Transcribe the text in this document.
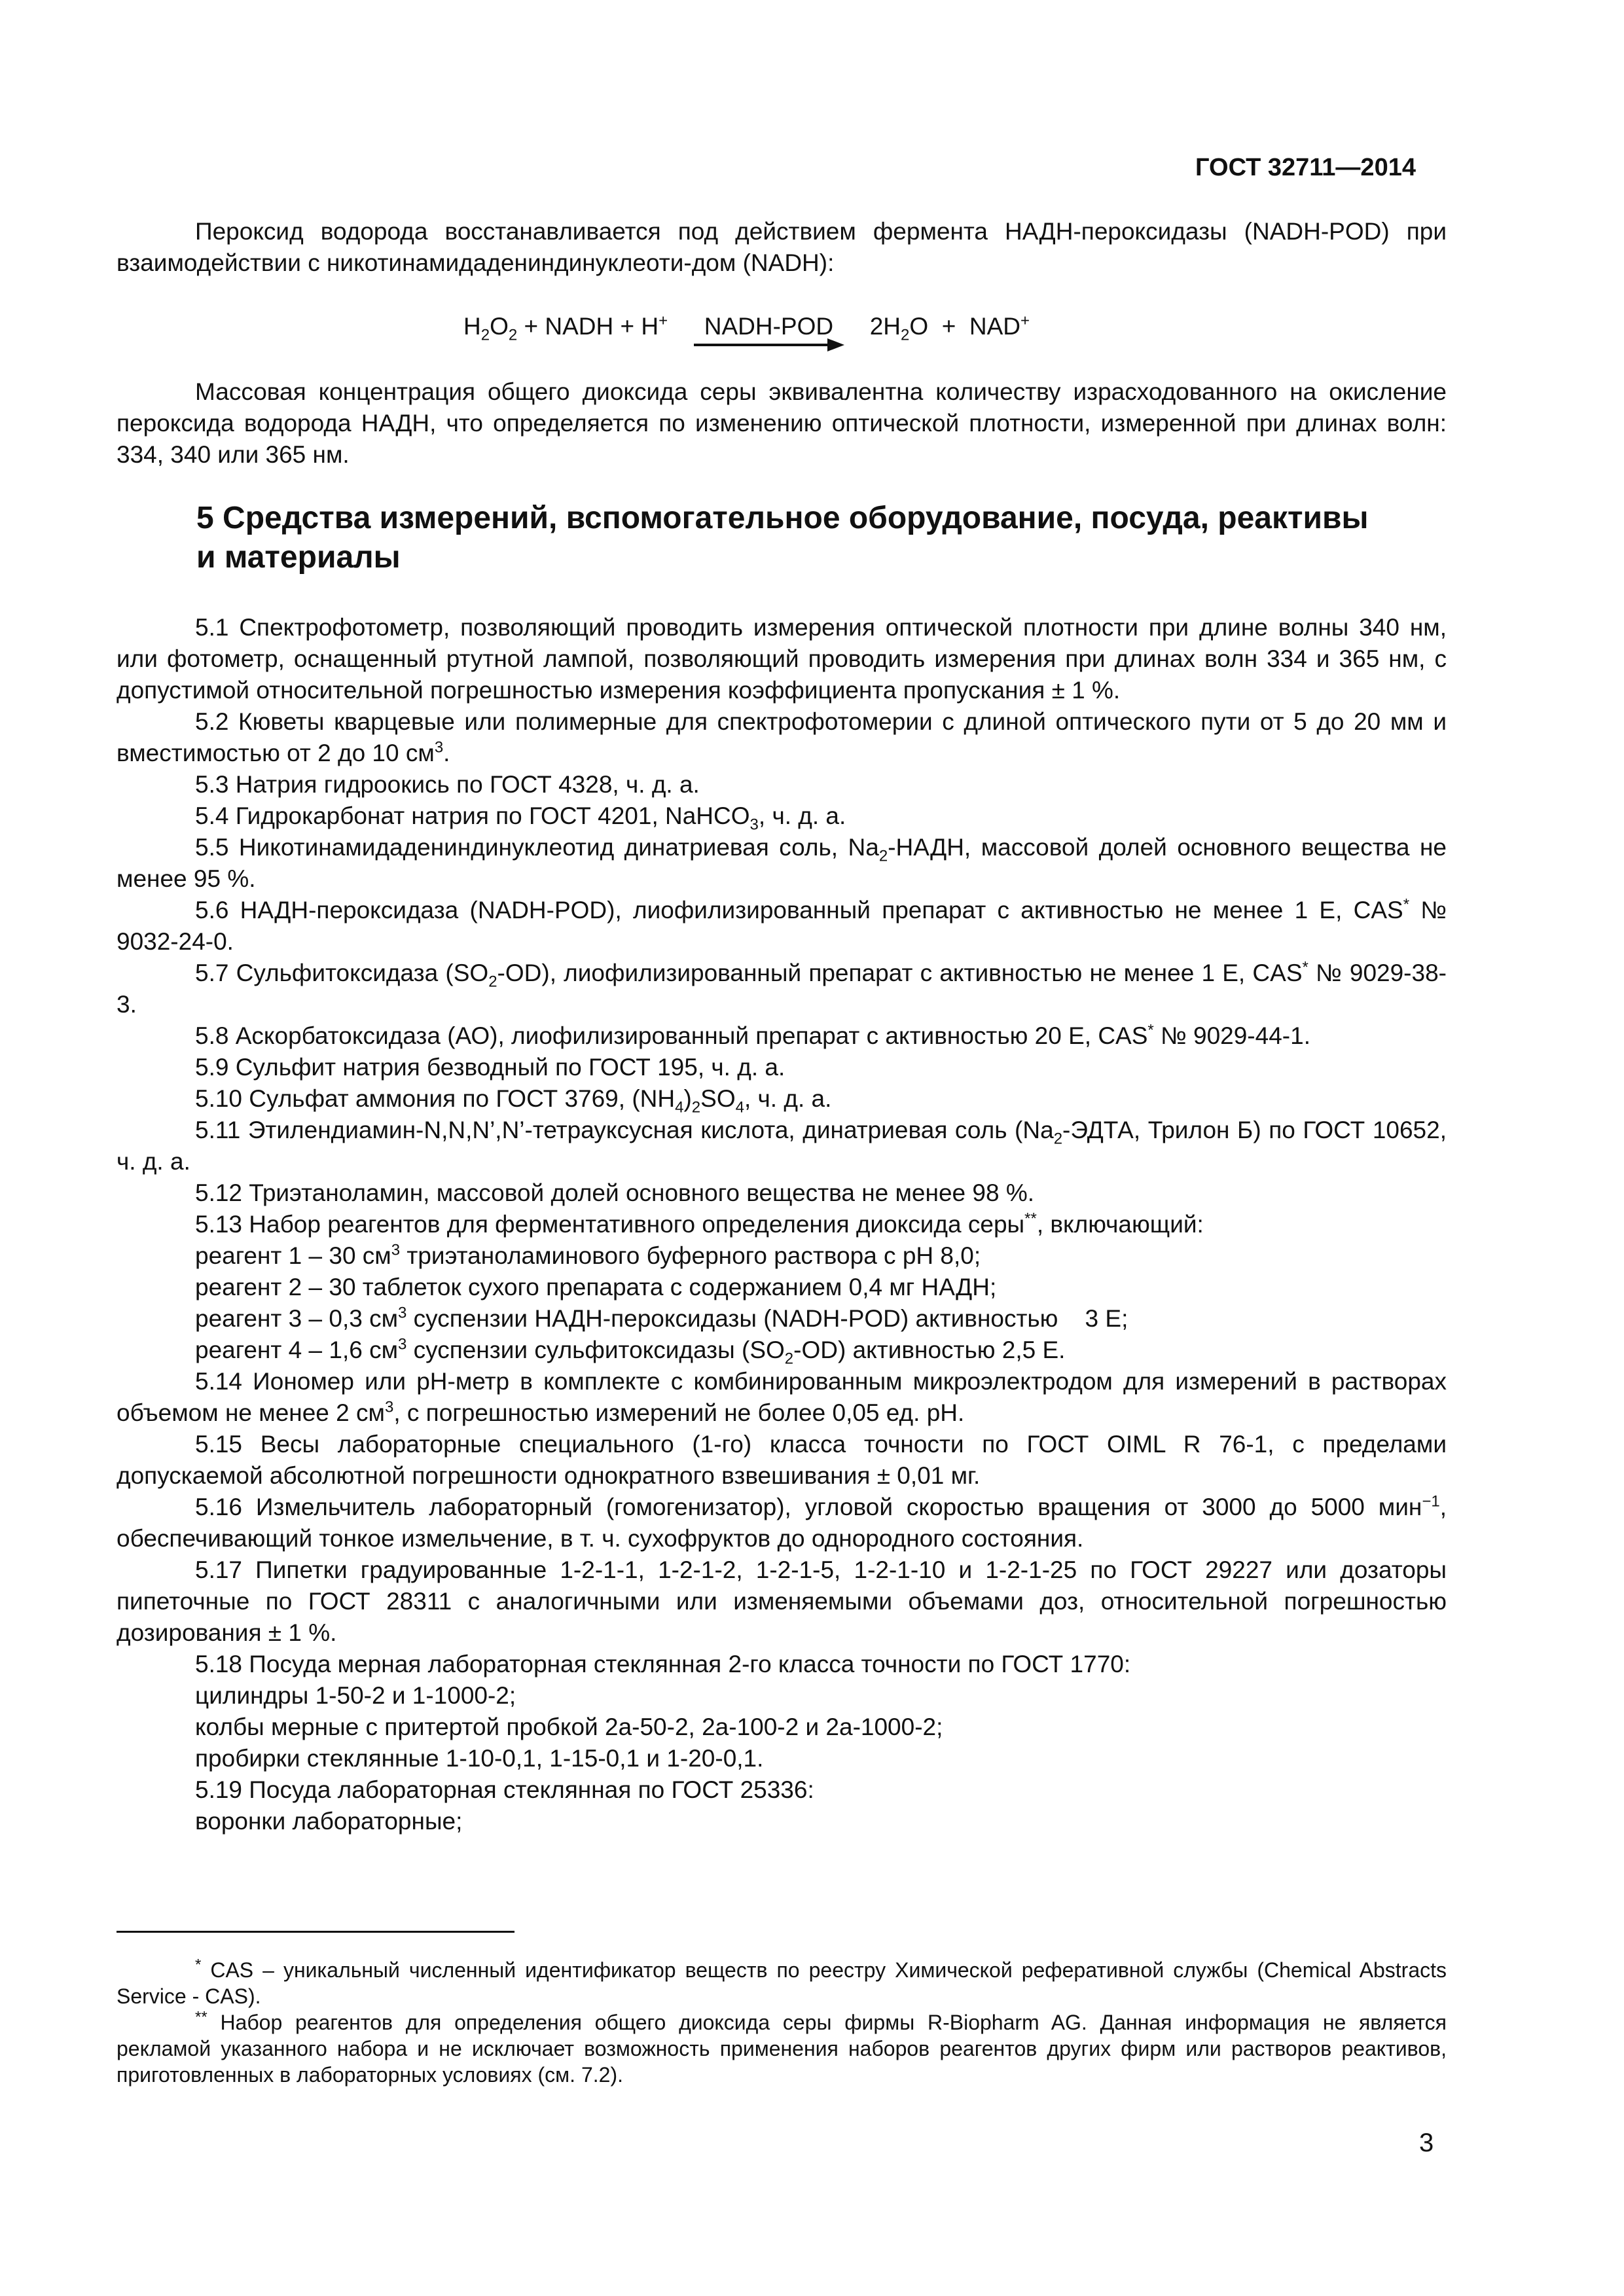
ГОСТ 32711—2014

Пероксид водорода восстанавливается под действием фермента НАДН-пероксидазы (NADH-POD) при взаимодействии с никотинамидадениндинуклеоти-дом (NADH):

$H_2O_2$ + NADH + H+ NADH-POD $2H_2O + NAD^+$

Массовая концентрация общего диоксида серы эквивалентна количеству израсходованного на окисление пероксида водорода НАДН, что определяется по изменению оптической плотности, измеренной при длинах волн: 334, 340 или 365 нм.

5 Средства измерений, вспомогательное оборудование, посуда, реактивы
и материалы

5.1 Спектрофотометр, позволяющий проводить измерения оптической плотности при длине волны 340 нм, или фотометр, оснащенный ртутной лампой, позволяющий проводить измерения при длинах волн 334 и 365 нм, с допустимой относительной погрешностью измерения коэффициента пропускания ± 1 %.

5.2 Кюветы кварцевые или полимерные для спектрофотомерии с длиной оптического пути от 5 до 20 мм и вместимостью от 2 до 10 $см^3$.

5.3 Натрия гидроокись по ГОСТ 4328, ч. д. а.

5.4 Гидрокарбонат натрия по ГОСТ 4201, NaHCO$_3$, ч. д. а.

5.5 Никотинамидадениндинуклеотид динатриевая соль, $Na_2$-НАДН, массовой долей основного вещества не менее 95 %.

5.6 НАДН-пероксидаза (NADH-POD), лиофилизированный препарат с активностью не менее 1 Е, CAS* № 9032-24-0.

5.7 Сульфитоксидаза $(SO_2-OD)$, лиофилизированный препарат с активностью не менее 1 Е, CAS* № 9029-38-3.

5.8 Аскорбатоксидаза (АО), лиофилизированный препарат с активностью 20 Е, CAS* № 9029-44-1.

5.9 Сульфит натрия безводный по ГОСТ 195, ч. д. а.

5.10 Сульфат аммония по ГОСТ 3769, $(NH_4)_2SO_4$, ч. д. а.

5.11 Этилендиамин-N,N,N’,N’-тетрауксусная кислота, динатриевая соль ($Na_2$-ЭДТА, Трилон Б) по ГОСТ 10652, ч. д. а.

5.12 Триэтаноламин, массовой долей основного вещества не менее 98 %.

5.13 Набор реагентов для ферментативного определения диоксида серы**, включающий:

реагент 1 – 30 $см^3$ триэтаноламинового буферного раствора с pH 8,0;

реагент 2 – 30 таблеток сухого препарата с содержанием 0,4 мг НАДН;

реагент 3 – 0,3 $см^3$ суспензии НАДН-пероксидазы (NADH-POD) активностью    3 Е;

реагент 4 – 1,6 $см^3$ суспензии сульфитоксидазы $(SO_2-OD)$ активностью 2,5 Е.

5.14 Иономер или pH-метр в комплекте с комбинированным микроэлектродом для измерений в растворах объемом не менее 2 $см^3$, с погрешностью измерений не более 0,05 ед. pH.

5.15 Весы лабораторные специального (1-го) класса точности по ГОСТ OIML R 76-1, с пределами допускаемой абсолютной погрешности однократного взвешивания ± 0,01 мг.

5.16 Измельчитель лабораторный (гомогенизатор), угловой скоростью вращения от 3000 до 5000 мин$^{-1}$, обеспечивающий тонкое измельчение, в т. ч. сухофруктов до однородного состояния.

5.17 Пипетки градуированные 1-2-1-1, 1-2-1-2, 1-2-1-5, 1-2-1-10 и 1-2-1-25 по ГОСТ 29227 или дозаторы пипеточные по ГОСТ 28311 с аналогичными или изменяемыми объемами доз, относительной погрешностью дозирования ± 1 %.

5.18 Посуда мерная лабораторная стеклянная 2-го класса точности по ГОСТ 1770:

цилиндры 1-50-2 и 1-1000-2;

колбы мерные с притертой пробкой 2а-50-2, 2а-100-2 и 2а-1000-2;

пробирки стеклянные 1-10-0,1, 1-15-0,1 и 1-20-0,1.

5.19 Посуда лабораторная стеклянная по ГОСТ 25336:

воронки лабораторные;

* CAS – уникальный численный идентификатор веществ по реестру Химической реферативной службы (Chemical Abstracts Service - CAS).

** Набор реагентов для определения общего диоксида серы фирмы R-Biopharm AG. Данная информация не является рекламой указанного набора и не исключает возможность применения наборов реагентов других фирм или растворов реактивов, приготовленных в лабораторных условиях (см. 7.2).

3
